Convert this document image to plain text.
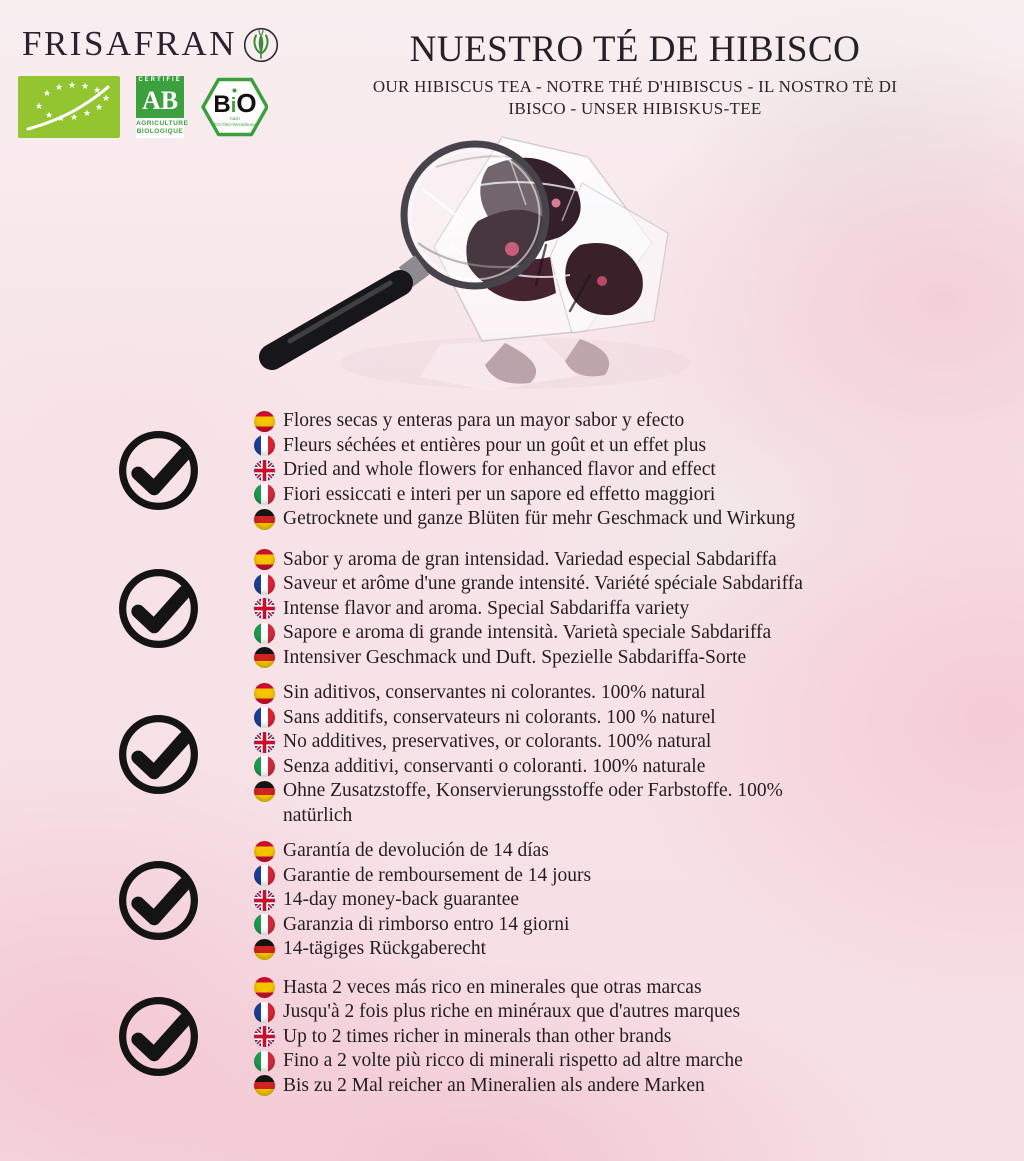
FRISAFRAN
★
★ ★ ★ ★
★
★
★
★
★
★
★
CERTIFIÉ
AB
AGRICULTURE
BIOLOGIQUE
BiO
nach
EG-Öko-Verordnung
NUESTRO TÉ DE HIBISCO

OUR HIBISCUS TEA - NOTRE THÉ D'HIBISCUS - IL NOSTRO TÈ DI IBISCO - UNSER HIBISKUS-TEE

Flores secas y enteras para un mayor sabor y efecto
Fleurs séchées et entières pour un goût et un effet plus
Dried and whole flowers for enhanced flavor and effect
Fiori essiccati e interi per un sapore ed effetto maggiori
Getrocknete und ganze Blüten für mehr Geschmack und Wirkung
Sabor y aroma de gran intensidad. Variedad especial Sabdariffa
Saveur et arôme d'une grande intensité. Variété spéciale Sabdariffa
Intense flavor and aroma. Special Sabdariffa variety
Sapore e aroma di grande intensità. Varietà speciale Sabdariffa
Intensiver Geschmack und Duft. Spezielle Sabdariffa-Sorte
Sin aditivos, conservantes ni colorantes. 100% natural
Sans additifs, conservateurs ni colorants. 100 % naturel
No additives, preservatives, or colorants. 100% natural
Senza additivi, conservanti o coloranti. 100% naturale
Ohne Zusatzstoffe, Konservierungsstoffe oder Farbstoffe. 100% natürlich
Garantía de devolución de 14 días
Garantie de remboursement de 14 jours
14-day money-back guarantee
Garanzia di rimborso entro 14 giorni
14-tägiges Rückgaberecht
Hasta 2 veces más rico en minerales que otras marcas
Jusqu'à 2 fois plus riche en minéraux que d'autres marques
Up to 2 times richer in minerals than other brands
Fino a 2 volte più ricco di minerali rispetto ad altre marche
Bis zu 2 Mal reicher an Mineralien als andere Marken
